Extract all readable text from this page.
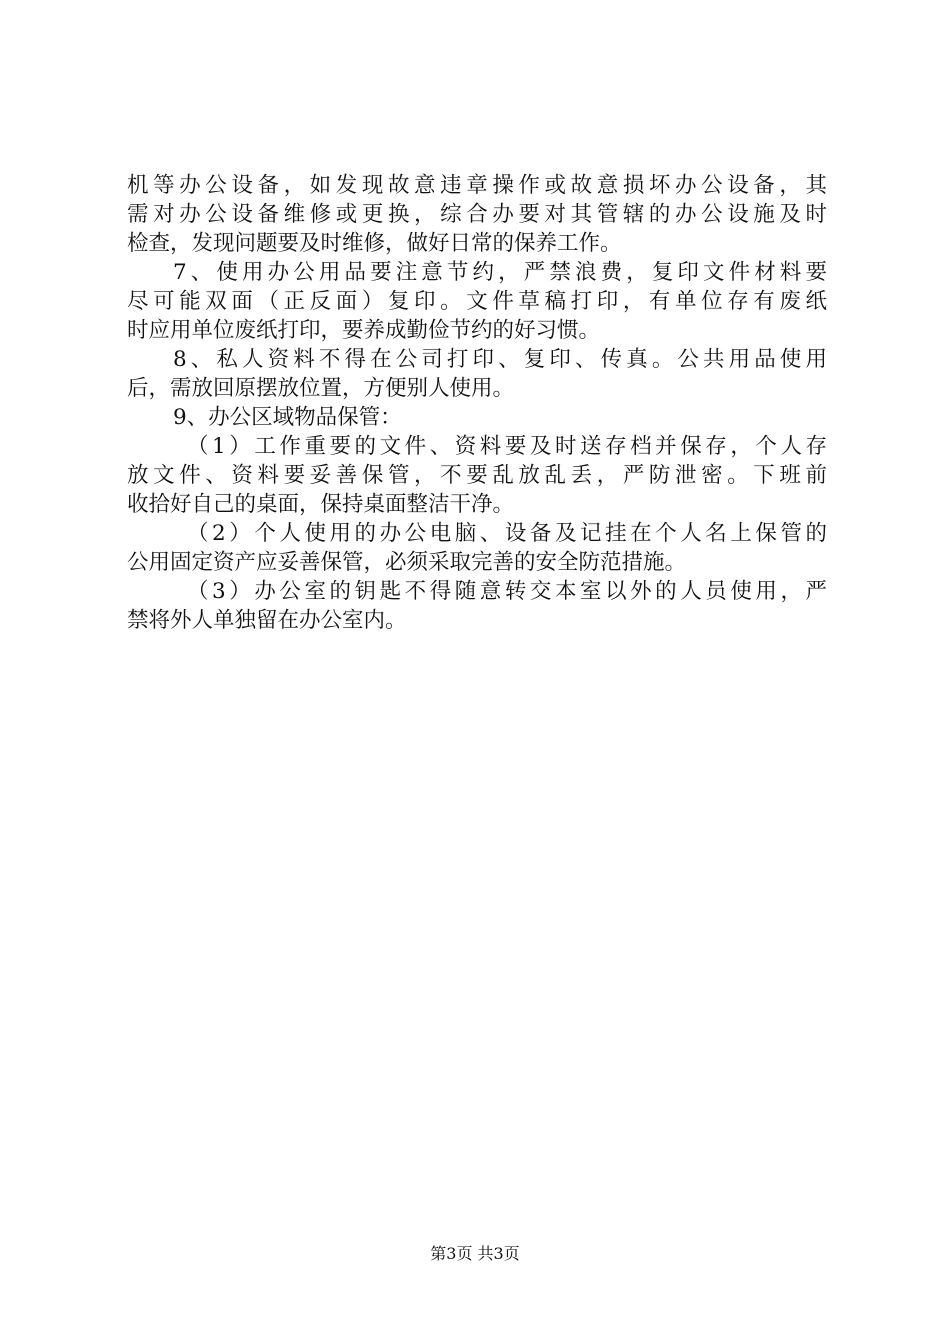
机等办公设备，如发现故意违章操作或故意损坏办公设备，其
需对办公设备维修或更换，综合办要对其管辖的办公设施及时
检查，发现问题要及时维修，做好日常的保养工作。
7、使用办公用品要注意节约，严禁浪费，复印文件材料要
尽可能双面（正反面）复印。文件草稿打印，有单位存有废纸
时应用单位废纸打印，要养成勤俭节约的好习惯。
8、私人资料不得在公司打印、复印、传真。公共用品使用
后，需放回原摆放位置，方便别人使用。
9、办公区域物品保管：
（1）工作重要的文件、资料要及时送存档并保存，个人存
放文件、资料要妥善保管，不要乱放乱丢，严防泄密。下班前
收拾好自己的桌面，保持桌面整洁干净。
（2）个人使用的办公电脑、设备及记挂在个人名上保管的
公用固定资产应妥善保管，必须采取完善的安全防范措施。
（3）办公室的钥匙不得随意转交本室以外的人员使用，严
禁将外人单独留在办公室内。
第3页 共3页
